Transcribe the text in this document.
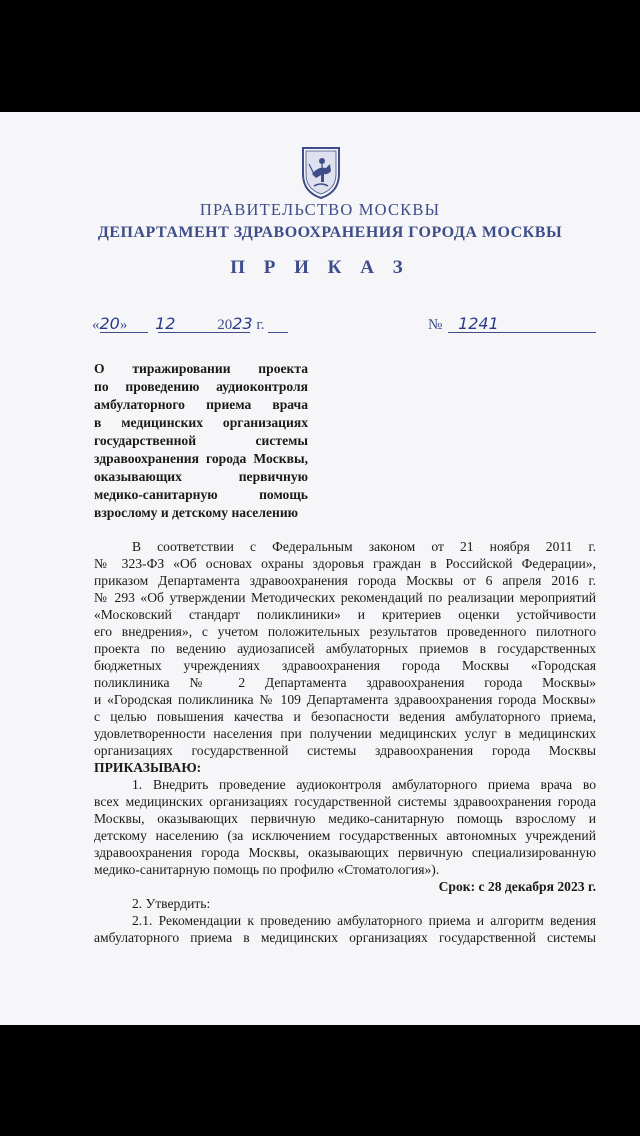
ПРАВИТЕЛЬСТВО МОСКВЫ
ДЕПАРТАМЕНТ ЗДРАВООХРАНЕНИЯ ГОРОДА МОСКВЫ
П Р И К А З
«20» 12	2023 г.	№ 1241
О тиражировании проекта
по проведению аудиоконтроля
амбулаторного приема врача
в медицинских организациях
государственной системы
здравоохранения города Москвы,
оказывающих первичную
медико-санитарную помощь
взрослому и детскому населению
В соответствии с Федеральным законом от 21 ноября 2011 г.
№ 323-ФЗ «Об основах охраны здоровья граждан в Российской Федерации»,
приказом Департамента здравоохранения города Москвы от 6 апреля 2016 г.
№ 293 «Об утверждении Методических рекомендаций по реализации мероприятий
«Московский стандарт поликлиники» и критериев оценки устойчивости
его внедрения», с учетом положительных результатов проведенного пилотного
проекта по ведению аудиозаписей амбулаторных приемов в государственных
бюджетных учреждениях здравоохранения города Москвы «Городская
поликлиника № 2 Департамента здравоохранения города Москвы»
и «Городская поликлиника № 109 Департамента здравоохранения города Москвы»
с целью повышения качества и безопасности ведения амбулаторного приема,
удовлетворенности населения при получении медицинских услуг в медицинских
организациях государственной системы здравоохранения города Москвы
ПРИКАЗЫВАЮ:
1. Внедрить проведение аудиоконтроля амбулаторного приема врача во
всех медицинских организациях государственной системы здравоохранения города
Москвы, оказывающих первичную медико-санитарную помощь взрослому и
детскому населению (за исключением государственных автономных учреждений
здравоохранения города Москвы, оказывающих первичную специализированную
медико-санитарную помощь по профилю «Стоматология»).
Срок: с 28 декабря 2023 г.
2. Утвердить:
2.1. Рекомендации к проведению амбулаторного приема и алгоритм ведения
амбулаторного приема в медицинских организациях государственной системы
